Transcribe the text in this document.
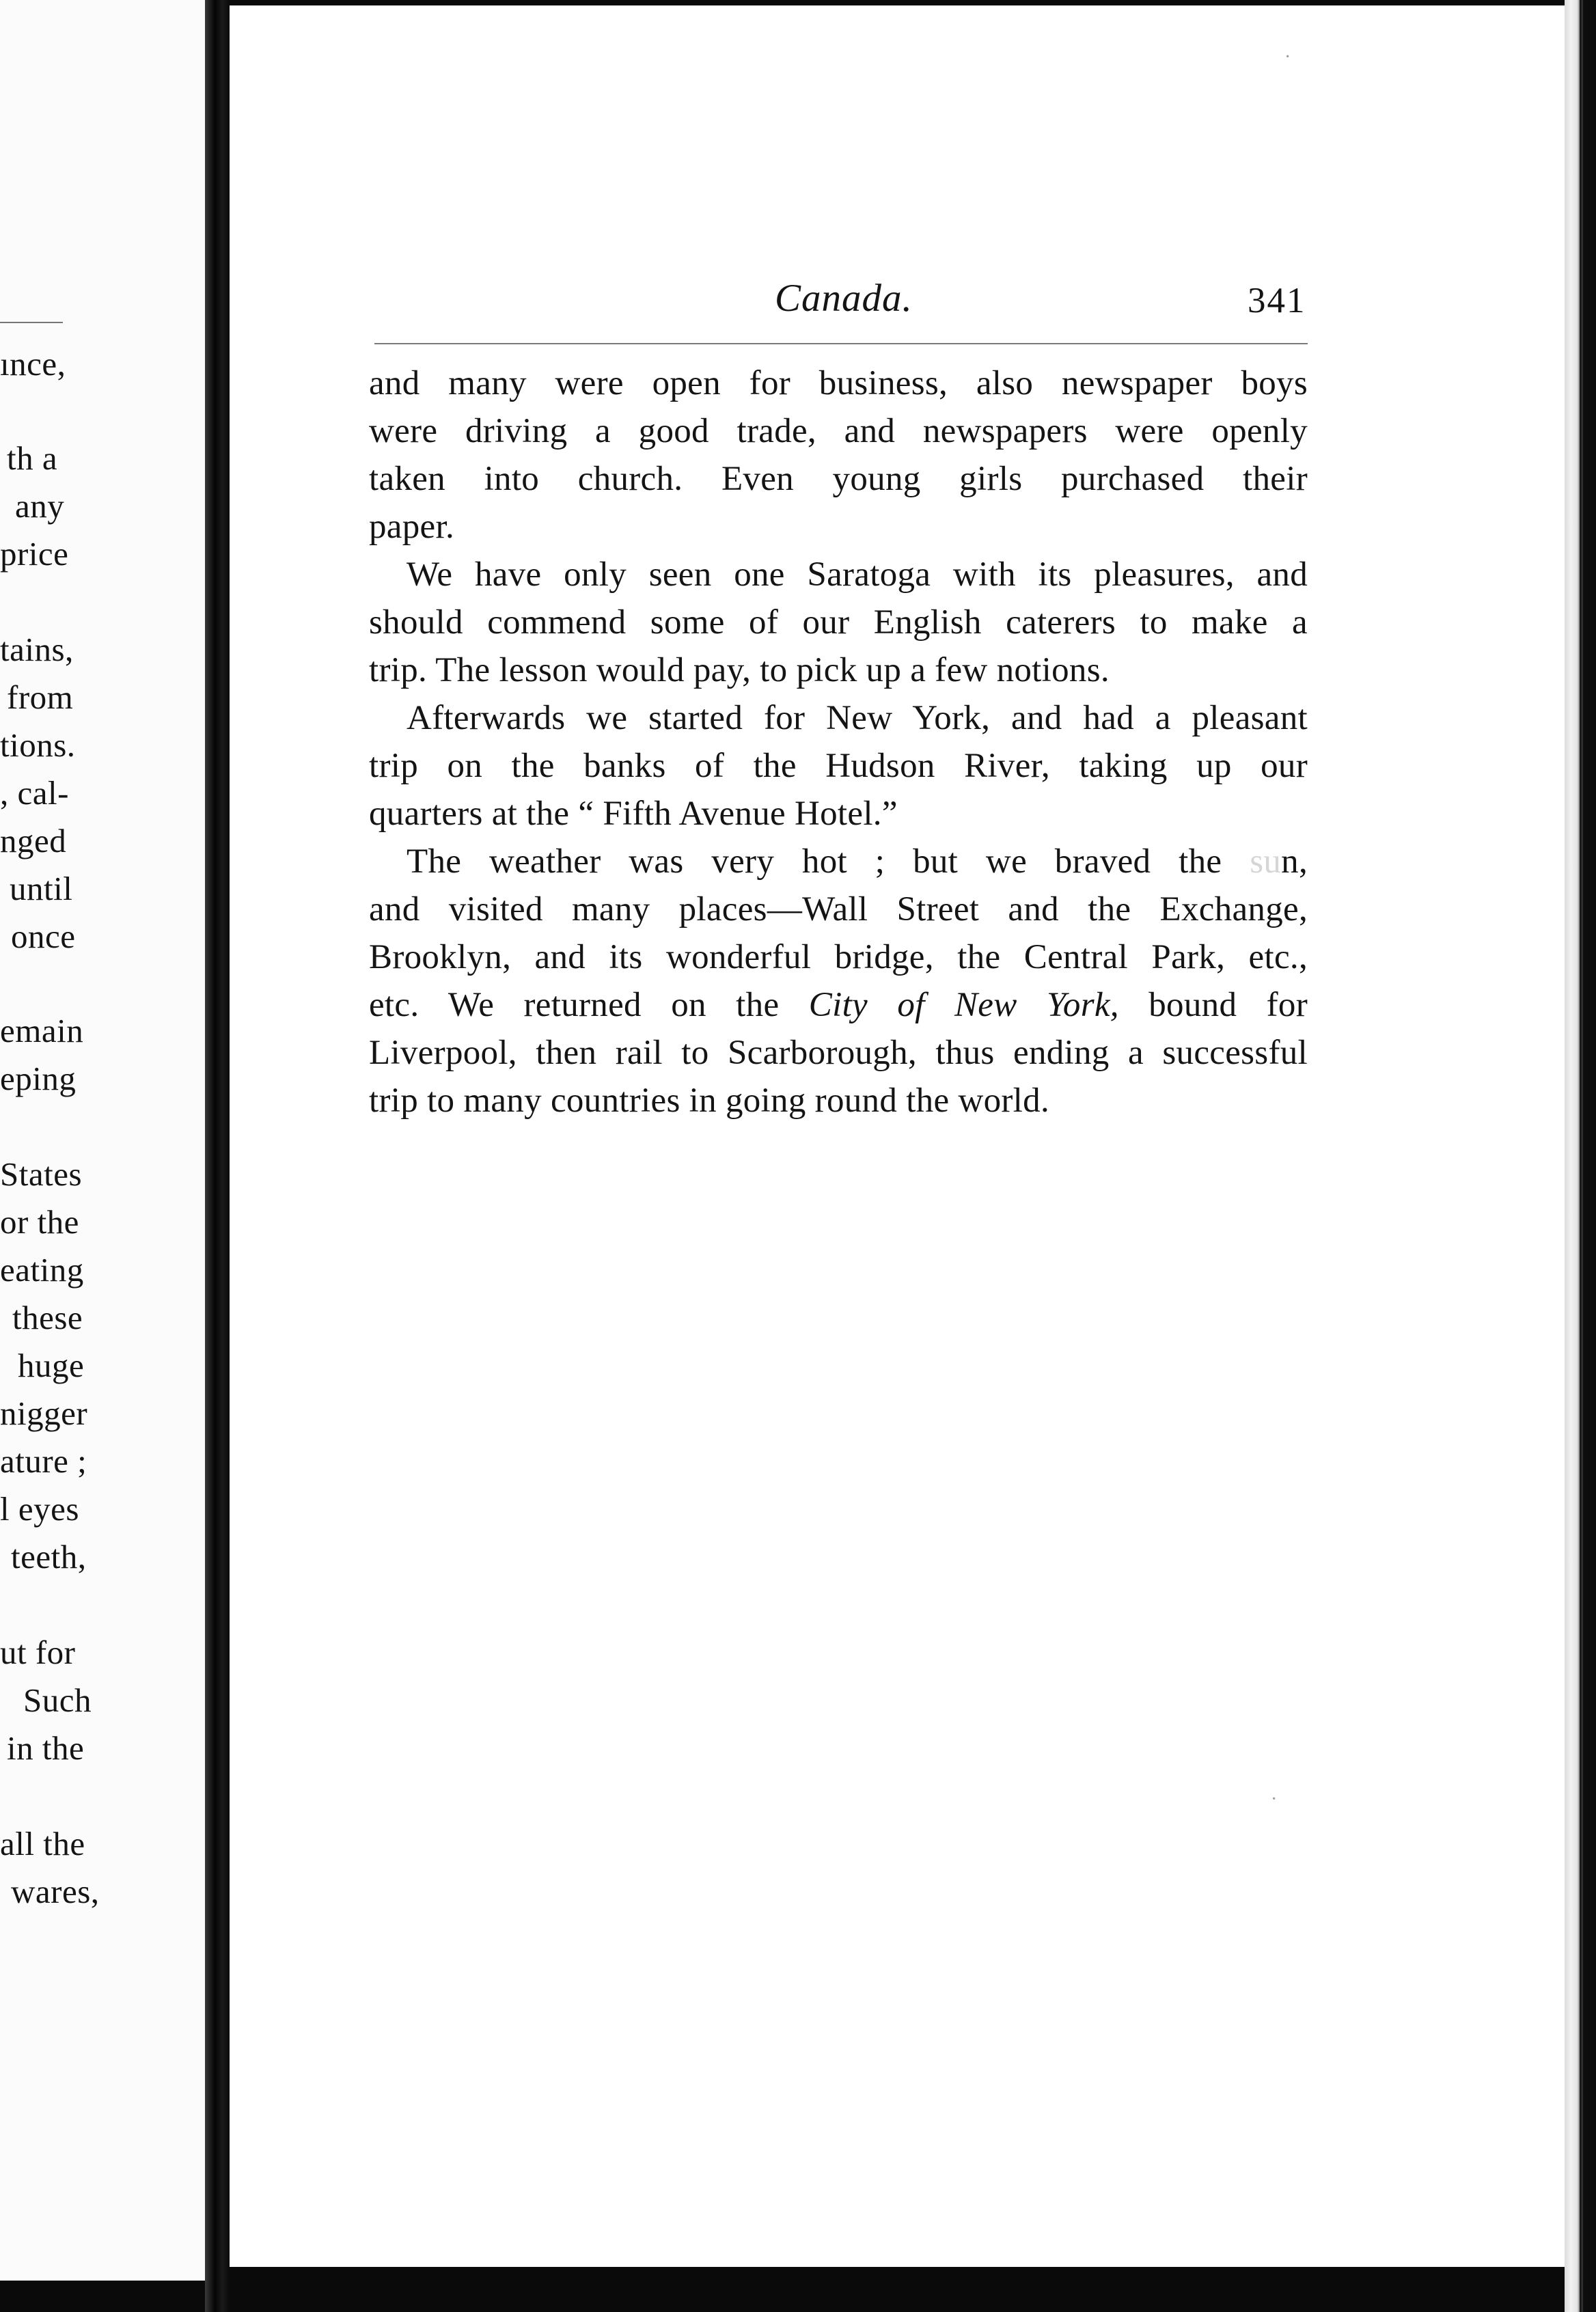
ınce,
th a
any
price
tains,
from
tions.
, cal-
nged
until
once
emain
eping
States
or the
eating
these
huge
nigger
ature ;
l eyes
teeth,
ut for
Such
in the
all the
wares,
·
·
Canada.	341
and many were open for business, also newspaper boys
were driving a good trade, and newspapers were openly
taken into church. Even young girls purchased their
paper.
We have only seen one Saratoga with its pleasures, and
should commend some of our English caterers to make a
trip. The lesson would pay, to pick up a few notions.
Afterwards we started for New York, and had a pleasant
trip on the banks of the Hudson River, taking up our
quarters at the “ Fifth Avenue Hotel.”
The weather was very hot ; but we braved the sun,
and visited many places—Wall Street and the Exchange,
Brooklyn, and its wonderful bridge, the Central Park, etc.,
etc. We returned on the City of New York, bound for
Liverpool, then rail to Scarborough, thus ending a successful
trip to many countries in going round the world.
